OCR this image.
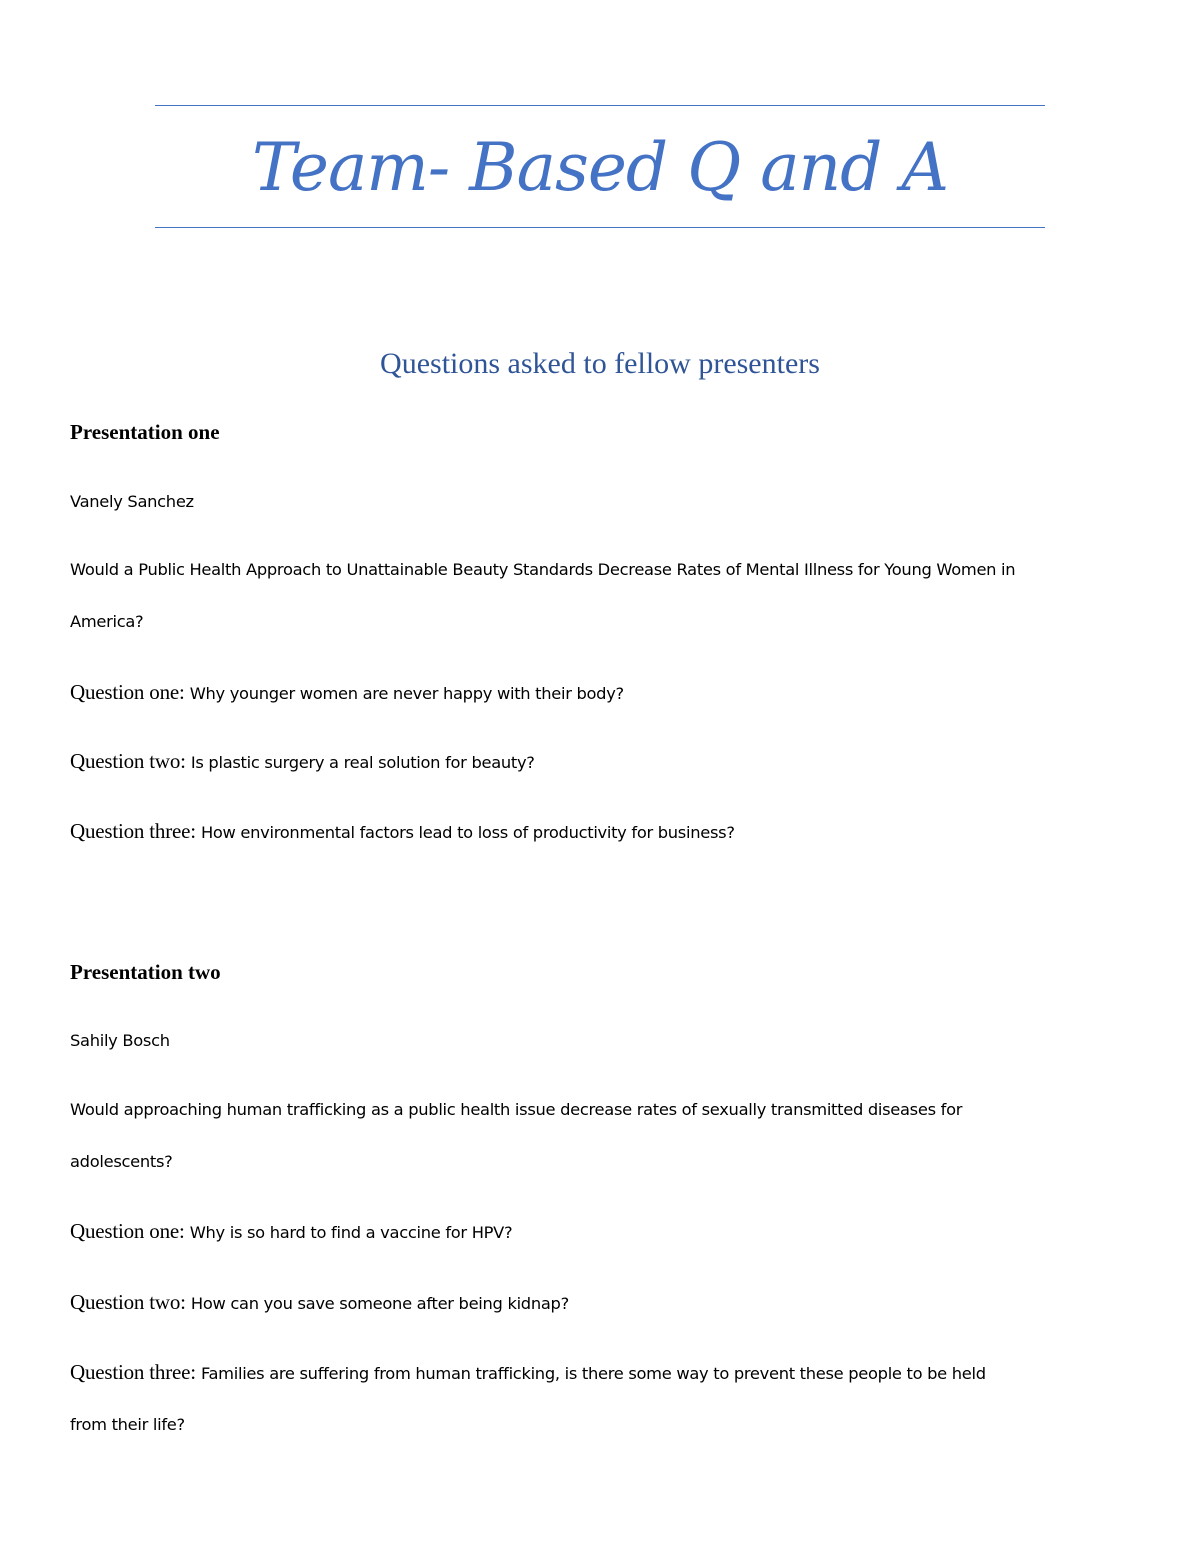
Team- Based Q and A
Questions asked to fellow presenters
Presentation one
Vanely Sanchez
Would a Public Health Approach to Unattainable Beauty Standards Decrease Rates of Mental Illness for Young Women in
America?
Question one: Why younger women are never happy with their body?
Question two: Is plastic surgery a real solution for beauty?
Question three: How environmental factors lead to loss of productivity for business?
Presentation two
Sahily Bosch
Would approaching human trafficking as a public health issue decrease rates of sexually transmitted diseases for
adolescents?
Question one: Why is so hard to find a vaccine for HPV?
Question two: How can you save someone after being kidnap?
Question three: Families are suffering from human trafficking, is there some way to prevent these people to be held
from their life?
